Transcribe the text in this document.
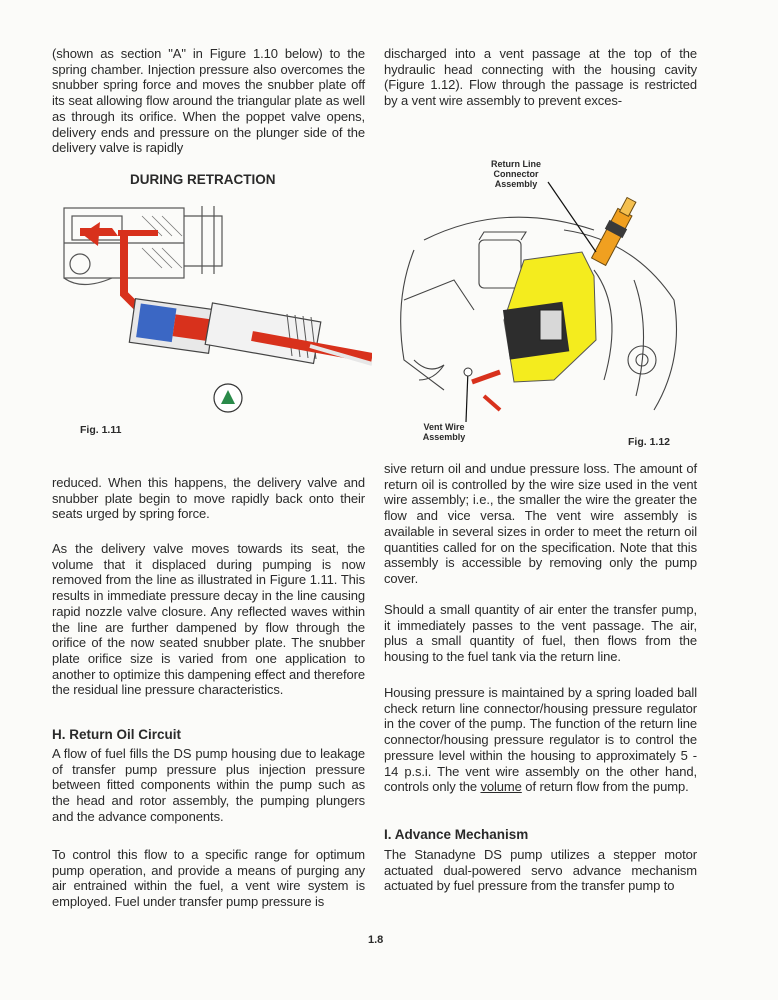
(shown as section "A" in Figure 1.10 below) to the spring chamber. Injection pressure also overcomes the snubber spring force and moves the snubber plate off its seat allowing flow around the triangular plate as well as through its orifice. When the poppet valve opens, delivery ends and pressure on the plunger side of the delivery valve is rapidly

DURING RETRACTION

Fig. 1.11

reduced. When this happens, the delivery valve and snubber plate begin to move rapidly back onto their seats urged by spring force.

As the delivery valve moves towards its seat, the volume that it displaced during pumping is now removed from the line as illustrated in Figure 1.11. This results in immediate pressure decay in the line causing rapid nozzle valve closure. Any reflected waves within the line are further dampened by flow through the orifice of the now seated snubber plate. The snubber plate orifice size is varied from one application to another to optimize this dampening effect and therefore the residual line pressure characteristics.

H. Return Oil Circuit

A flow of fuel fills the DS pump housing due to leakage of transfer pump pressure plus injection pressure between fitted components within the pump such as the head and rotor assembly, the pumping plungers and the advance components.

To control this flow to a specific range for optimum pump operation, and provide a means of purging any air entrained within the fuel, a vent wire system is employed. Fuel under transfer pump pressure is

discharged into a vent passage at the top of the hydraulic head connecting with the housing cavity (Figure 1.12). Flow through the passage is restricted by a vent wire assembly to prevent exces-

Return Line Connector Assembly

Vent Wire Assembly	Fig. 1.12

sive return oil and undue pressure loss. The amount of return oil is controlled by the wire size used in the vent wire assembly; i.e., the smaller the wire the greater the flow and vice versa. The vent wire assembly is available in several sizes in order to meet the return oil quantities called for on the specification. Note that this assembly is accessible by removing only the pump cover.

Should a small quantity of air enter the transfer pump, it immediately passes to the vent passage. The air, plus a small quantity of fuel, then flows from the housing to the fuel tank via the return line.

Housing pressure is maintained by a spring loaded ball check return line connector/housing pressure regulator in the cover of the pump. The function of the return line connector/housing pressure regulator is to control the pressure level within the housing to approximately 5 - 14 p.s.i. The vent wire assembly on the other hand, controls only the volume of return flow from the pump.

I. Advance Mechanism

The Stanadyne DS pump utilizes a stepper motor actuated dual-powered servo advance mechanism actuated by fuel pressure from the transfer pump to

1.8
